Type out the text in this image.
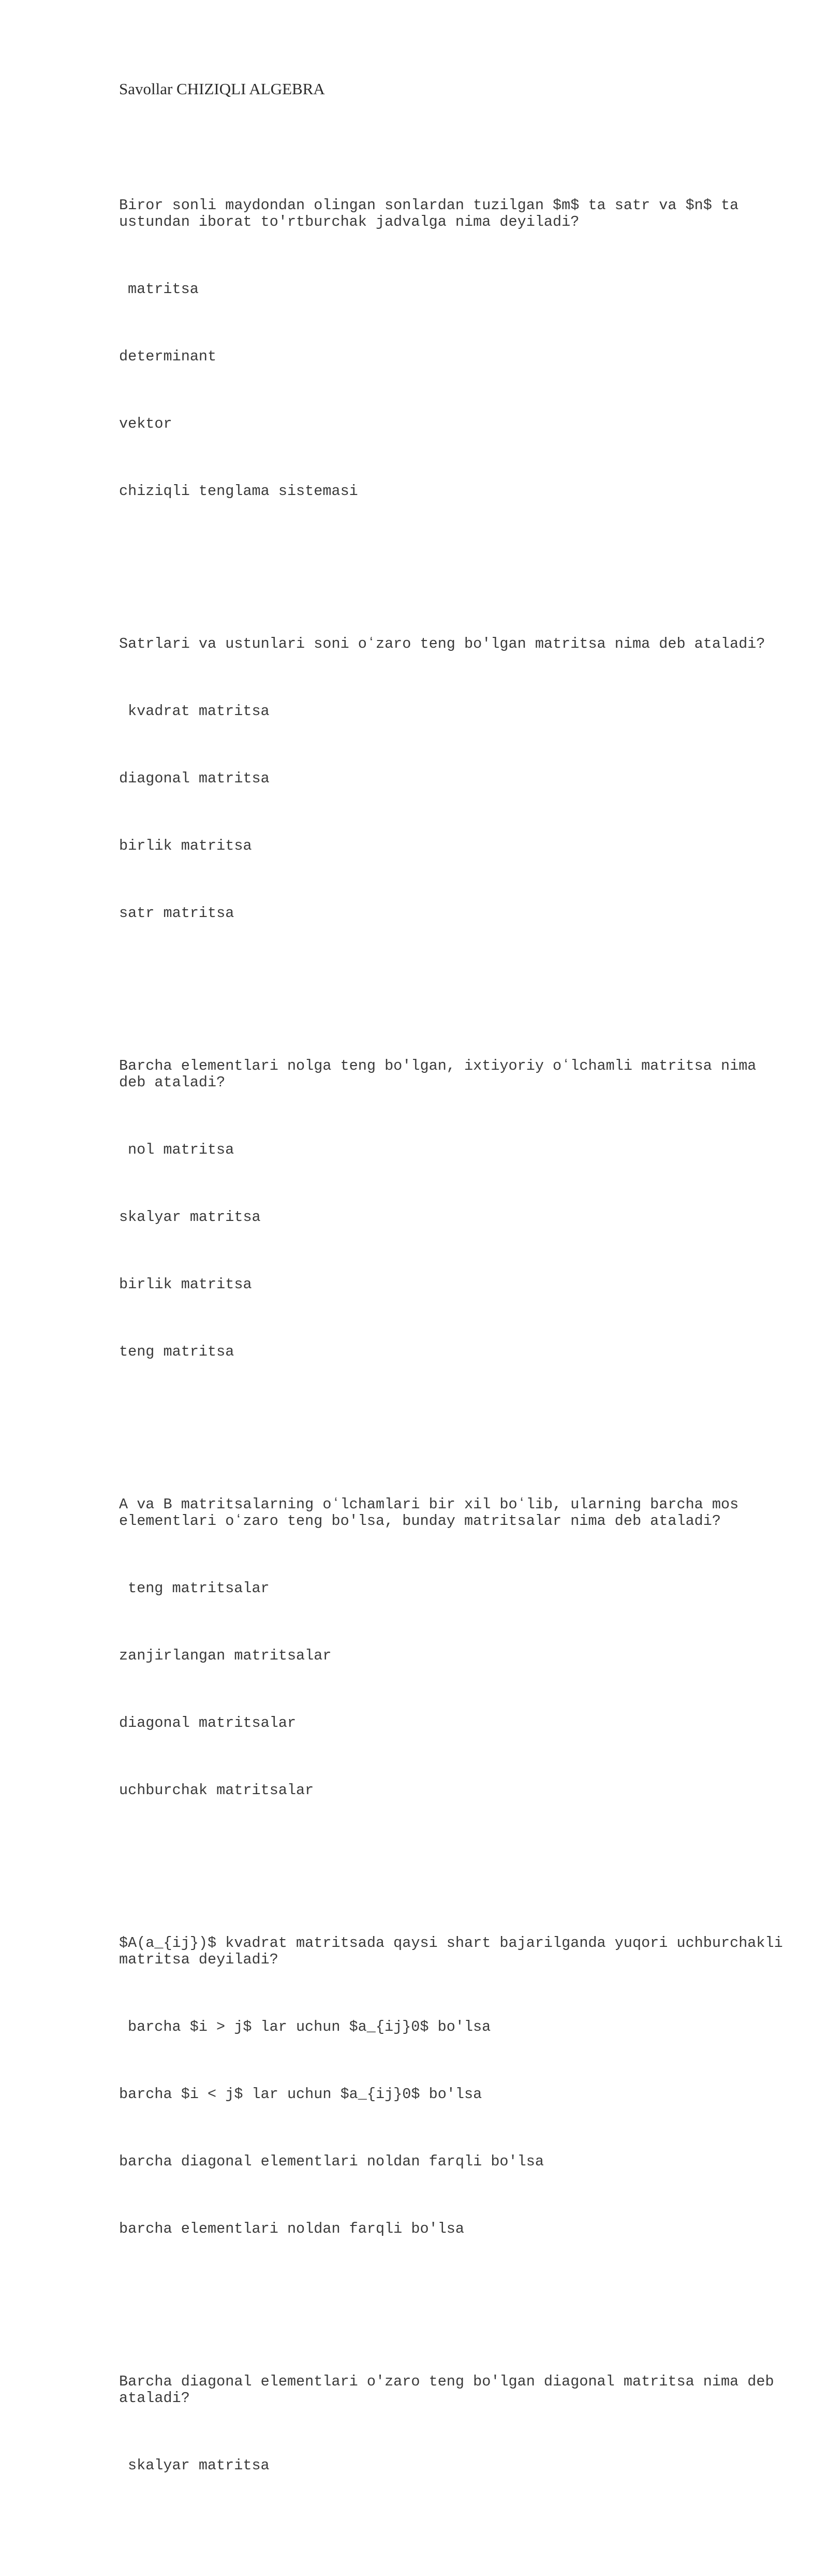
Savollar CHIZIQLI ALGEBRA

Biror sonli maydondan olingan sonlardan tuzilgan $m$ ta satr va $n$ ta ustundan iborat to'rtburchak jadvalga nima deyiladi?

matritsa

determinant

vektor

chiziqli tenglama sistemasi

Satrlari va ustunlari soni oʻzaro teng bo'lgan matritsa nima deb ataladi?

kvadrat matritsa

diagonal matritsa

birlik matritsa

satr matritsa

Barcha elementlari nolga teng bo'lgan, ixtiyoriy oʻlchamli matritsa nima deb ataladi?

nol matritsa

skalyar matritsa

birlik matritsa

teng matritsa

A va B matritsalarning oʻlchamlari bir xil boʻlib, ularning barcha mos elementlari oʻzaro teng bo'lsa, bunday matritsalar nima deb ataladi?

teng matritsalar

zanjirlangan matritsalar

diagonal matritsalar

uchburchak matritsalar

$A(a_{ij})$ kvadrat matritsada qaysi shart bajarilganda yuqori uchburchakli matritsa deyiladi?

barcha $i > j$ lar uchun $a_{ij}0$ bo'lsa

barcha $i < j$ lar uchun $a_{ij}0$ bo'lsa

barcha diagonal elementlari noldan farqli bo'lsa

barcha elementlari noldan farqli bo'lsa

Barcha diagonal elementlari o'zaro teng bo'lgan diagonal matritsa nima deb ataladi?

skalyar matritsa
